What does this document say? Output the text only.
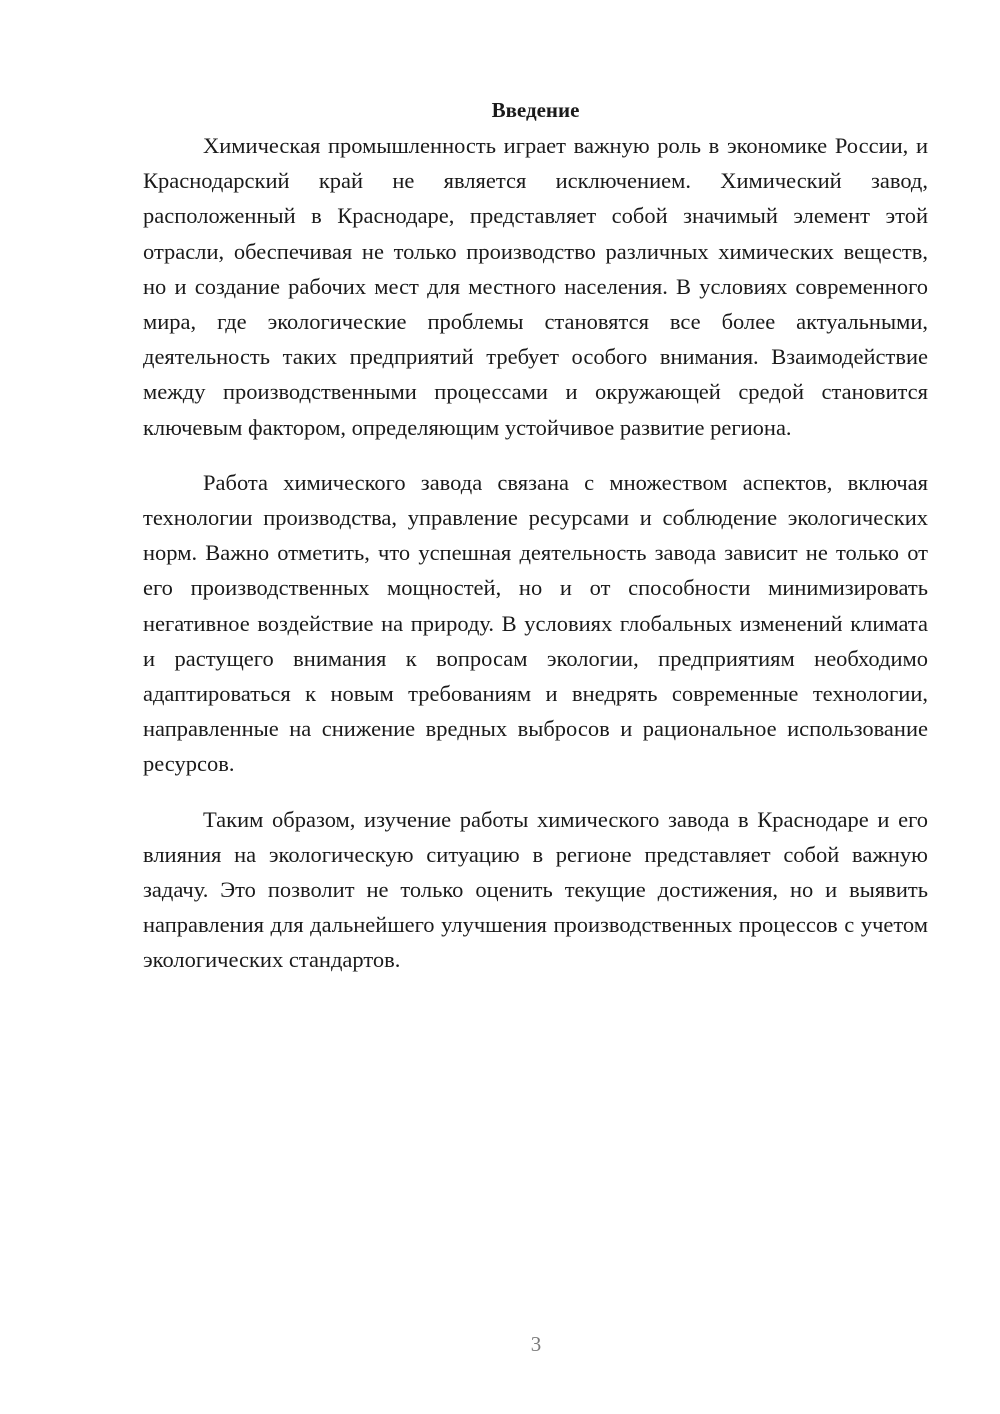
Введение

Химическая промышленность играет важную роль в экономике России, и Краснодарский край не является исключением. Химический завод, расположенный в Краснодаре, представляет собой значимый элемент этой отрасли, обеспечивая не только производство различных химических веществ, но и создание рабочих мест для местного населения. В условиях современного мира, где экологические проблемы становятся все более актуальными, деятельность таких предприятий требует особого внимания. Взаимодействие между производственными процессами и окружающей средой становится ключевым фактором, определяющим устойчивое развитие региона.

Работа химического завода связана с множеством аспектов, включая технологии производства, управление ресурсами и соблюдение экологических норм. Важно отметить, что успешная деятельность завода зависит не только от его производственных мощностей, но и от способности минимизировать негативное воздействие на природу. В условиях глобальных изменений климата и растущего внимания к вопросам экологии, предприятиям необходимо адаптироваться к новым требованиям и внедрять современные технологии, направленные на снижение вредных выбросов и рациональное использование ресурсов.

Таким образом, изучение работы химического завода в Краснодаре и его влияния на экологическую ситуацию в регионе представляет собой важную задачу. Это позволит не только оценить текущие достижения, но и выявить направления для дальнейшего улучшения производственных процессов с учетом экологических стандартов.

3
